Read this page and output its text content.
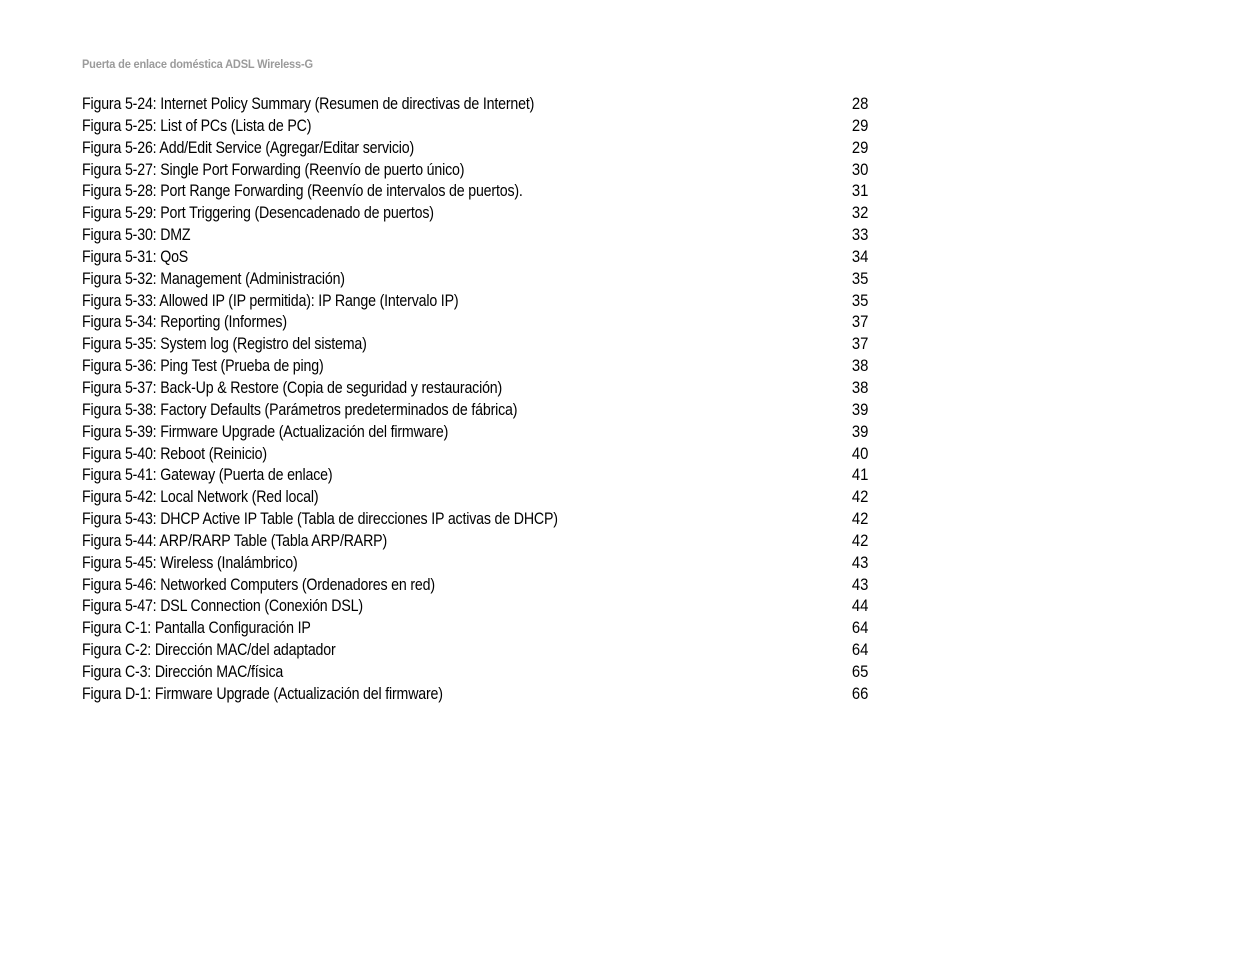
Puerta de enlace doméstica ADSL Wireless-G
Figura 5-24: Internet Policy Summary (Resumen de directivas de Internet)	28
Figura 5-25: List of PCs (Lista de PC)	29
Figura 5-26: Add/Edit Service (Agregar/Editar servicio)	29
Figura 5-27: Single Port Forwarding (Reenvío de puerto único)	30
Figura 5-28: Port Range Forwarding (Reenvío de intervalos de puertos).	31
Figura 5-29: Port Triggering (Desencadenado de puertos)	32
Figura 5-30: DMZ	33
Figura 5-31: QoS	34
Figura 5-32: Management (Administración)	35
Figura 5-33: Allowed IP (IP permitida): IP Range (Intervalo IP)	35
Figura 5-34: Reporting (Informes)	37
Figura 5-35: System log (Registro del sistema)	37
Figura 5-36: Ping Test (Prueba de ping)	38
Figura 5-37: Back-Up & Restore (Copia de seguridad y restauración)	38
Figura 5-38: Factory Defaults (Parámetros predeterminados de fábrica)	39
Figura 5-39: Firmware Upgrade (Actualización del firmware)	39
Figura 5-40: Reboot (Reinicio)	40
Figura 5-41: Gateway (Puerta de enlace)	41
Figura 5-42: Local Network (Red local)	42
Figura 5-43: DHCP Active IP Table (Tabla de direcciones IP activas de DHCP)	42
Figura 5-44: ARP/RARP Table (Tabla ARP/RARP)	42
Figura 5-45: Wireless (Inalámbrico)	43
Figura 5-46: Networked Computers (Ordenadores en red)	43
Figura 5-47: DSL Connection (Conexión DSL)	44
Figura C-1: Pantalla Configuración IP	64
Figura C-2: Dirección MAC/del adaptador	64
Figura C-3: Dirección MAC/física	65
Figura D-1: Firmware Upgrade (Actualización del firmware)	66
